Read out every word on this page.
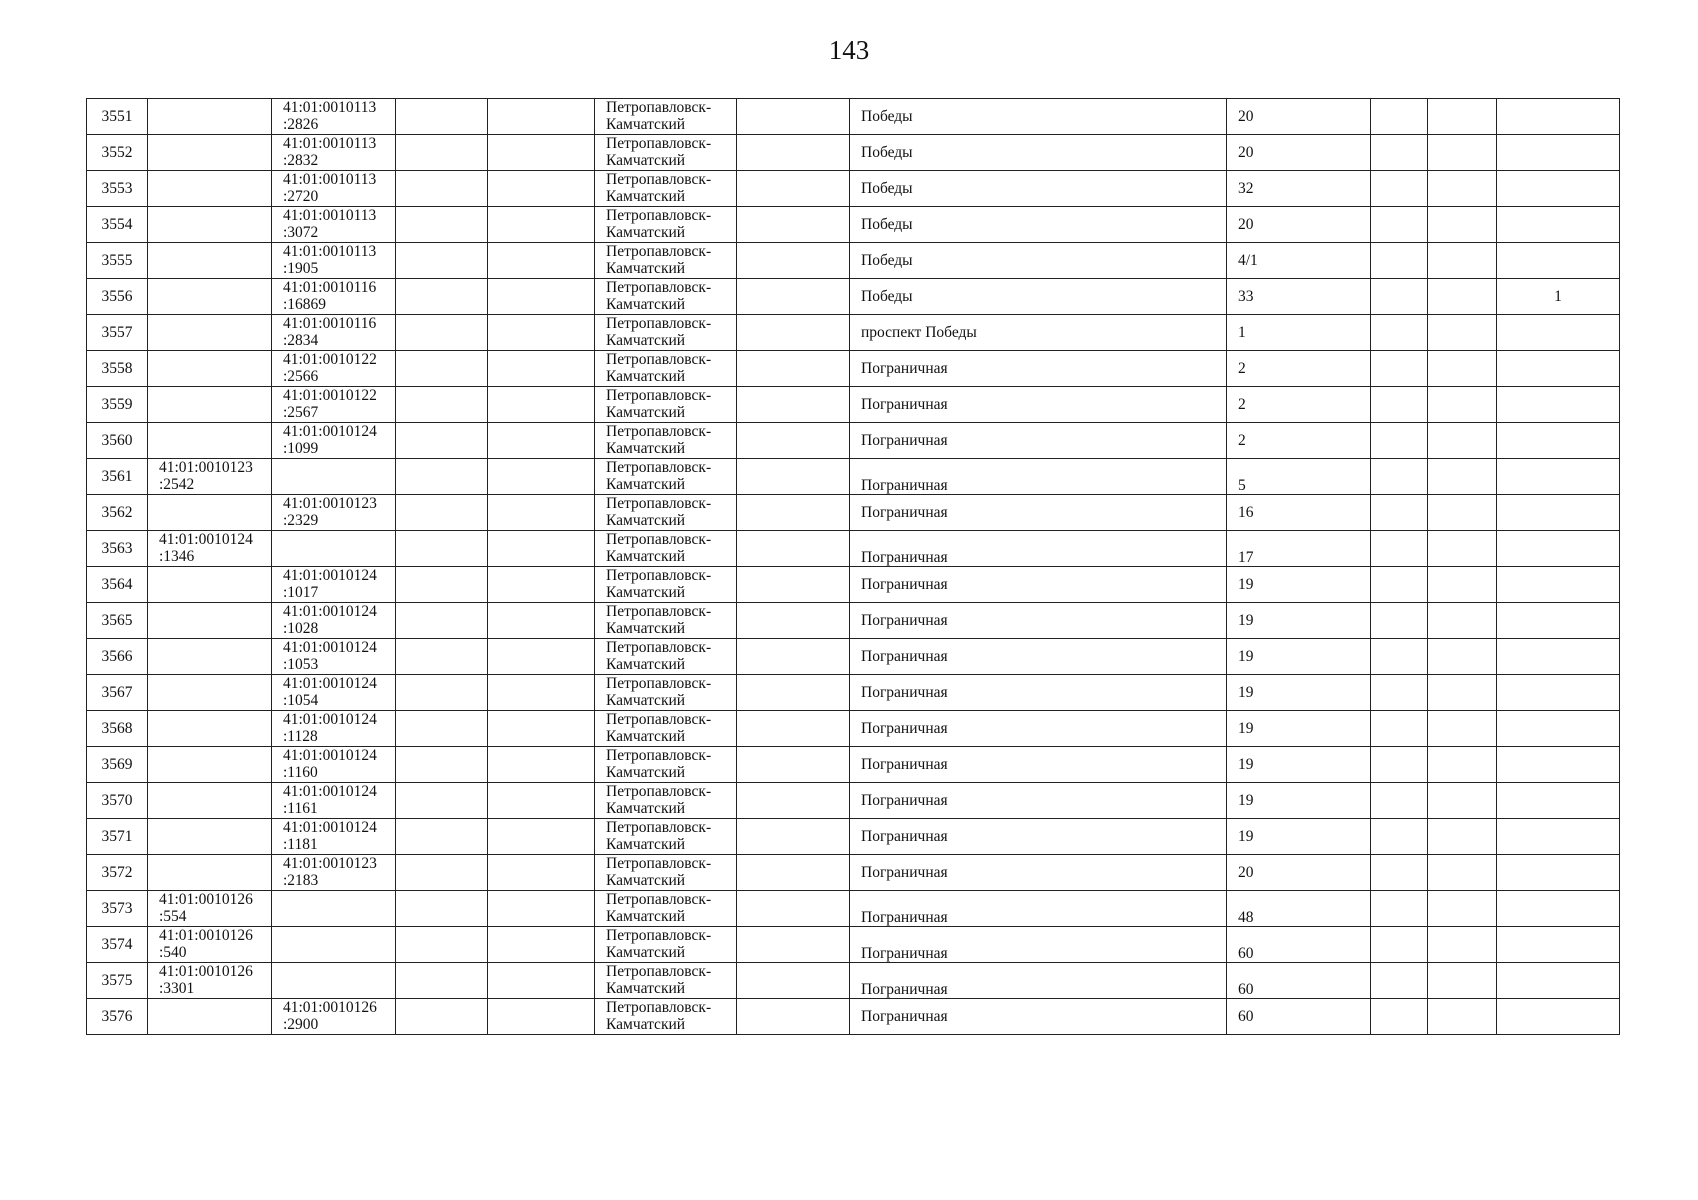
143
3551		41:01:0010113
:2826			Петропавловск-
Камчатский		Победы	20			
3552		41:01:0010113
:2832			Петропавловск-
Камчатский		Победы	20			
3553		41:01:0010113
:2720			Петропавловск-
Камчатский		Победы	32			
3554		41:01:0010113
:3072			Петропавловск-
Камчатский		Победы	20			
3555		41:01:0010113
:1905			Петропавловск-
Камчатский		Победы	4/1			
3556		41:01:0010116
:16869			Петропавловск-
Камчатский		Победы	33			1
3557		41:01:0010116
:2834			Петропавловск-
Камчатский		проспект Победы	1			
3558		41:01:0010122
:2566			Петропавловск-
Камчатский		Пограничная	2			
3559		41:01:0010122
:2567			Петропавловск-
Камчатский		Пограничная	2			
3560		41:01:0010124
:1099			Петропавловск-
Камчатский		Пограничная	2			
3561	41:01:0010123
:2542				Петропавловск-
Камчатский		Пограничная	5			
3562		41:01:0010123
:2329			Петропавловск-
Камчатский		Пограничная	16			
3563	41:01:0010124
:1346				Петропавловск-
Камчатский		Пограничная	17			
3564		41:01:0010124
:1017			Петропавловск-
Камчатский		Пограничная	19			
3565		41:01:0010124
:1028			Петропавловск-
Камчатский		Пограничная	19			
3566		41:01:0010124
:1053			Петропавловск-
Камчатский		Пограничная	19			
3567		41:01:0010124
:1054			Петропавловск-
Камчатский		Пограничная	19			
3568		41:01:0010124
:1128			Петропавловск-
Камчатский		Пограничная	19			
3569		41:01:0010124
:1160			Петропавловск-
Камчатский		Пограничная	19			
3570		41:01:0010124
:1161			Петропавловск-
Камчатский		Пограничная	19			
3571		41:01:0010124
:1181			Петропавловск-
Камчатский		Пограничная	19			
3572		41:01:0010123
:2183			Петропавловск-
Камчатский		Пограничная	20			
3573	41:01:0010126
:554				Петропавловск-
Камчатский		Пограничная	48			
3574	41:01:0010126
:540				Петропавловск-
Камчатский		Пограничная	60			
3575	41:01:0010126
:3301				Петропавловск-
Камчатский		Пограничная	60			
3576		41:01:0010126
:2900			Петропавловск-
Камчатский		Пограничная	60			
